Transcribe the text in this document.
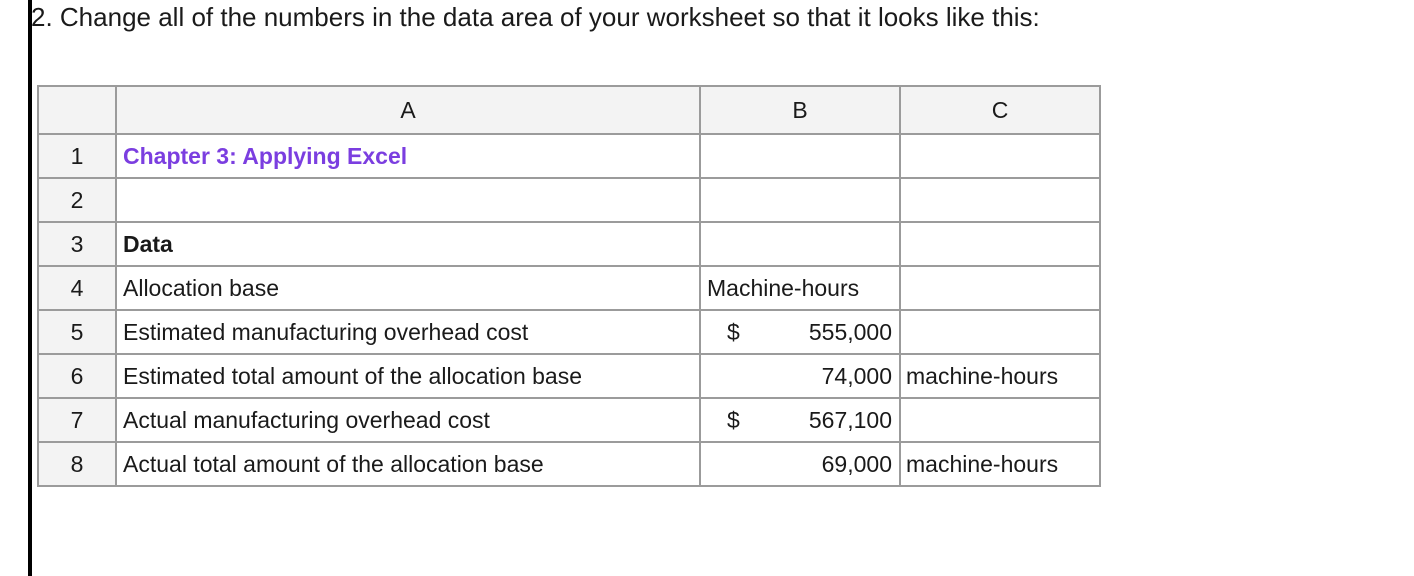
2. Change all of the numbers in the data area of your worksheet so that it looks like this:
	A	B	C
1	Chapter 3: Applying Excel		
2			
3	Data		
4	Allocation base	Machine-hours	
5	Estimated manufacturing overhead cost	$ 555,000	

6	Estimated total amount of the allocation base	74,000	machine-hours
7	Actual manufacturing overhead cost	$ 567,100	

8	Actual total amount of the allocation base	69,000	machine-hours
